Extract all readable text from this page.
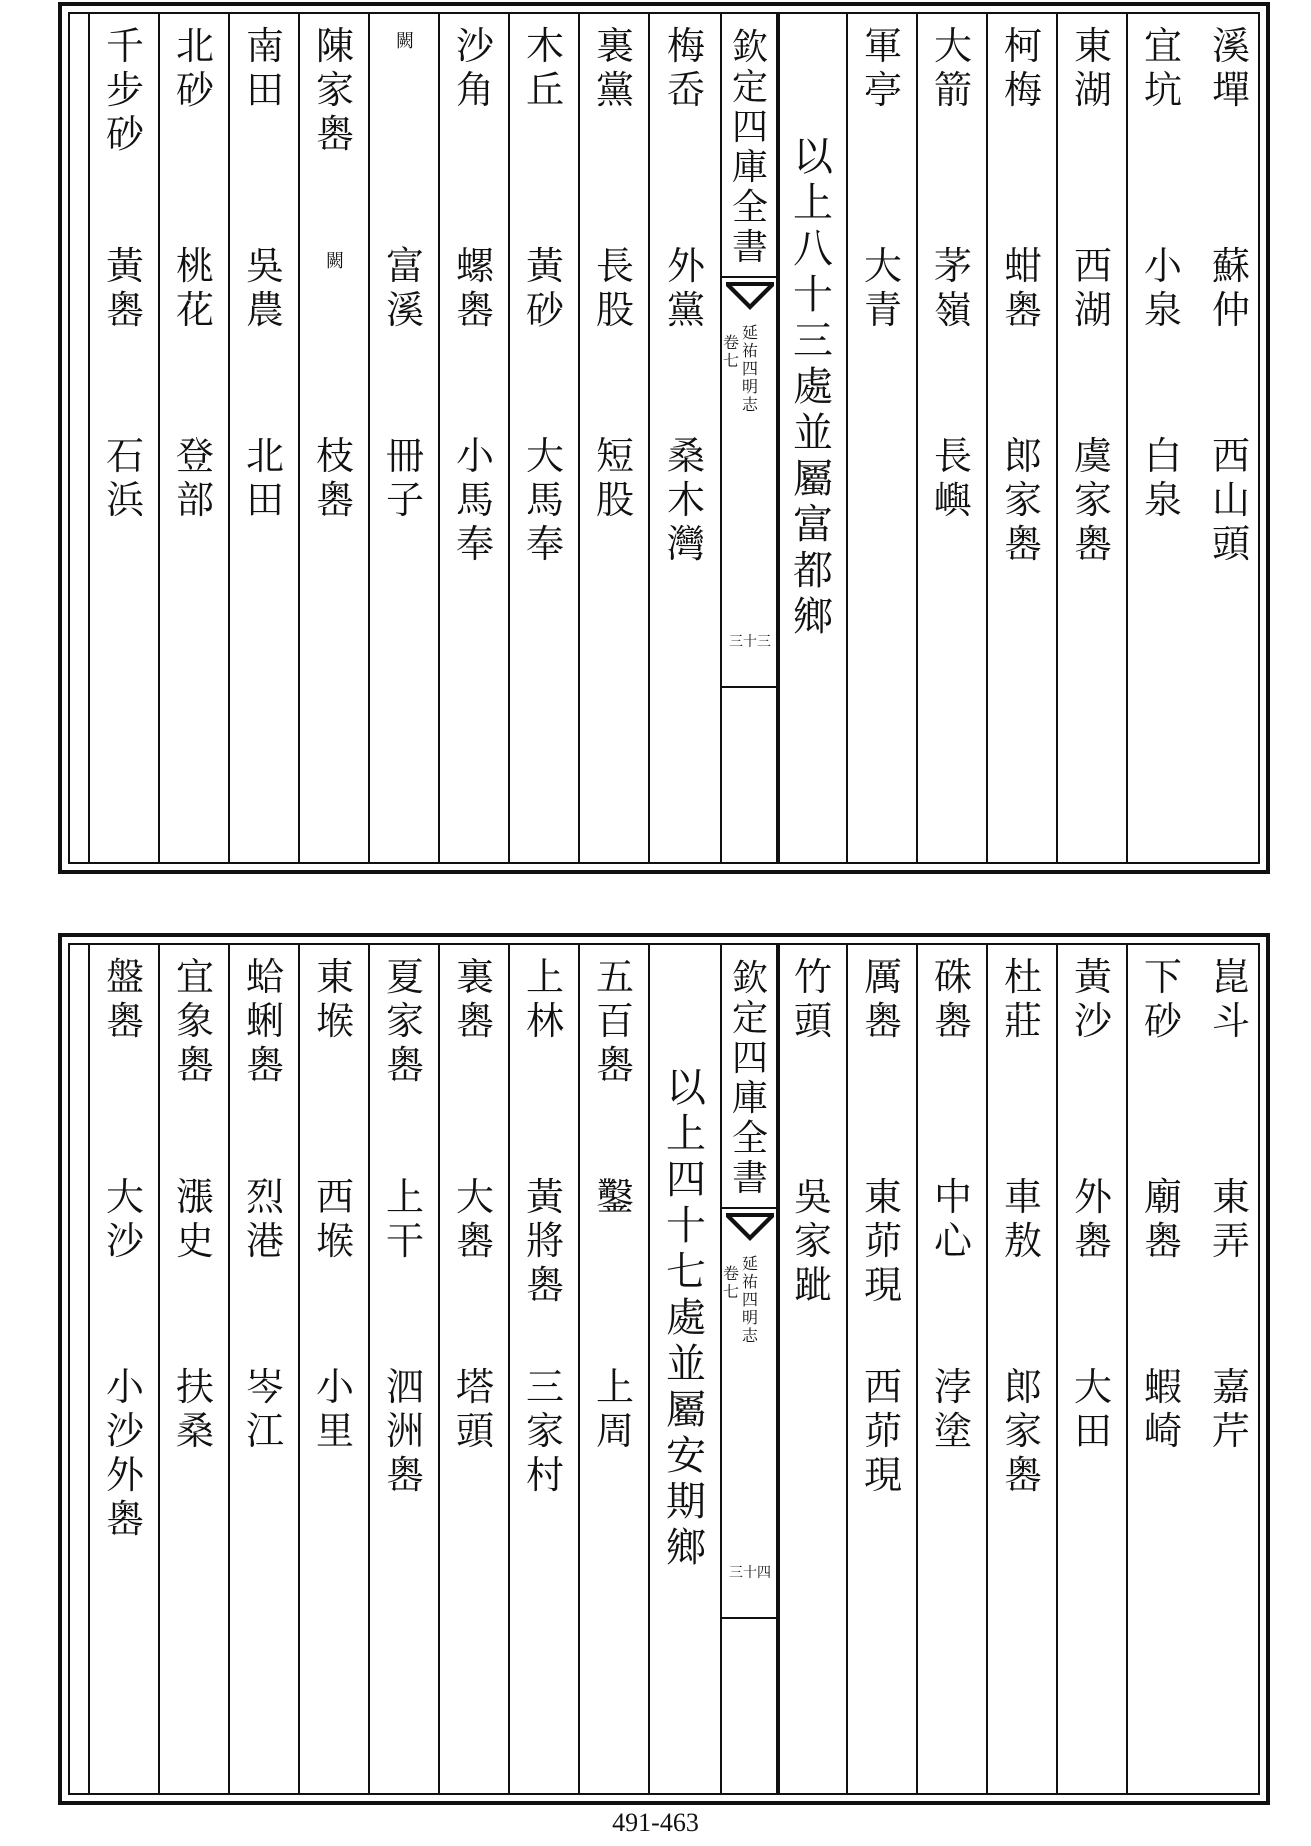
溪
墠
蘇
仲
西
山
頭
宜
坑
小
泉
白
泉
東
湖
西
湖
虞
家
嶴
柯
梅
蚶
嶴
郎
家
嶴
大
箭
茅
嶺
長
嶼
軍
亭
大
青
以
上
八
十
三
處
並
屬
富
都
鄉
欽定四庫全書
延祐四明志
卷七
三十三
梅
岙
外
黨
桑
木
灣
裏
黨
長
股
短
股
木
丘
黃
砂
大
馬
奉
沙
角
螺
嶴
小
馬
奉
闕
富
溪
冊
子
陳
家
嶴
闕
枝
嶴
南
田
吳
農
北
田
北
砂
桃
花
登
部
千
步
砂
黃
嶴
石
浜
崑
斗
東
弄
嘉
芹
下
砂
廟
嶴
蝦
崎
黃
沙
外
嶴
大
田
杜
莊
車
敖
郎
家
嶴
硃
嶴
中
心
浡
塗
厲
嶴
東
茆
現
西
茆
現
竹
頭
吳
家
跐
欽定四庫全書
延祐四明志
卷七
三十四
以
上
四
十
七
處
並
屬
安
期
鄉
五
百
嶴
鑿
上
周
上
林
黃
將
嶴
三
家
村
裏
嶴
大
嶴
塔
頭
夏
家
嶴
上
干
泗
洲
嶴
東
堠
西
堠
小
里
蛤
蜊
嶴
烈
港
岑
江
宜
象
嶴
漲
史
扶
桑
盤
嶴
大
沙
小
沙
外
嶴
491-463
